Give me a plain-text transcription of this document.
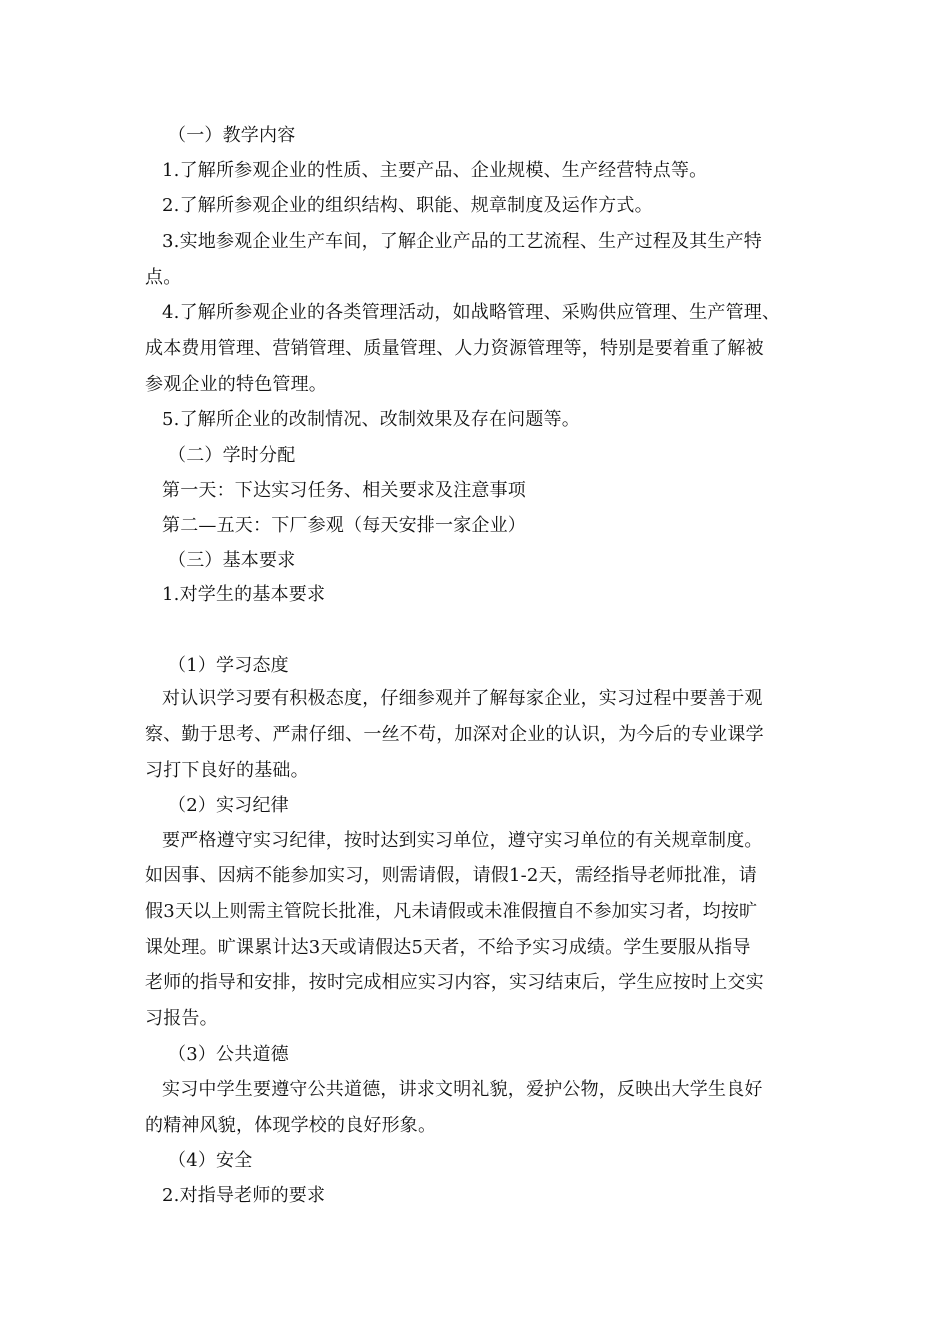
（一）教学内容
1.了解所参观企业的性质、主要产品、企业规模、生产经营特点等。
2.了解所参观企业的组织结构、职能、规章制度及运作方式。
3.实地参观企业生产车间，了解企业产品的工艺流程、生产过程及其生产特
点。
4.了解所参观企业的各类管理活动，如战略管理、采购供应管理、生产管理、
成本费用管理、营销管理、质量管理、人力资源管理等，特别是要着重了解被
参观企业的特色管理。
5.了解所企业的改制情况、改制效果及存在问题等。
（二）学时分配
第一天：下达实习任务、相关要求及注意事项
第二—五天：下厂参观（每天安排一家企业）
（三）基本要求
1.对学生的基本要求
（1）学习态度
对认识学习要有积极态度，仔细参观并了解每家企业，实习过程中要善于观
察、勤于思考、严肃仔细、一丝不苟，加深对企业的认识，为今后的专业课学
习打下良好的基础。
（2）实习纪律
要严格遵守实习纪律，按时达到实习单位，遵守实习单位的有关规章制度。
如因事、因病不能参加实习，则需请假，请假1-2天，需经指导老师批准，请
假3天以上则需主管院长批准，凡未请假或未准假擅自不参加实习者，均按旷
课处理。旷课累计达3天或请假达5天者，不给予实习成绩。学生要服从指导
老师的指导和安排，按时完成相应实习内容，实习结束后，学生应按时上交实
习报告。
（3）公共道德
实习中学生要遵守公共道德，讲求文明礼貌，爱护公物，反映出大学生良好
的精神风貌，体现学校的良好形象。
（4）安全
2.对指导老师的要求
